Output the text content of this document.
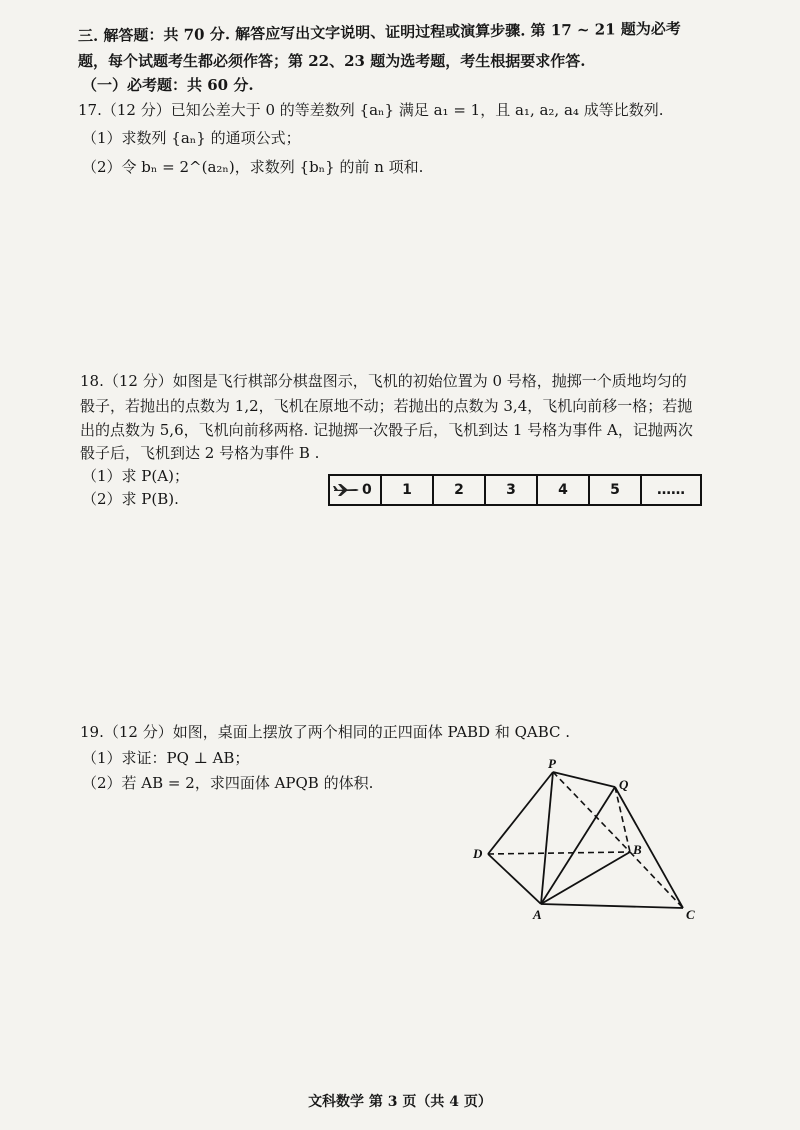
三. 解答题：共 70 分. 解答应写出文字说明、证明过程或演算步骤. 第 17 ~ 21 题为必考
题，每个试题考生都必须作答；第 22、23 题为选考题，考生根据要求作答.
（一）必考题：共 60 分.
17.（12 分）已知公差大于 0 的等差数列 {aₙ} 满足 a₁ = 1，且 a₁, a₂, a₄ 成等比数列.
（1）求数列 {aₙ} 的通项公式；
（2）令 bₙ = 2^(a₂ₙ)，求数列 {bₙ} 的前 n 项和.
18.（12 分）如图是飞行棋部分棋盘图示，飞机的初始位置为 0 号格，抛掷一个质地均匀的
骰子，若抛出的点数为 1,2，飞机在原地不动；若抛出的点数为 3,4，飞机向前移一格；若抛
出的点数为 5,6，飞机向前移两格. 记抛掷一次骰子后，飞机到达 1 号格为事件 A，记抛两次
骰子后，飞机到达 2 号格为事件 B .
（1）求 P(A)；
（2）求 P(B).	0	1	2	3	4	5	……
19.（12 分）如图，桌面上摆放了两个相同的正四面体 PABD 和 QABC .
（1）求证：PQ ⊥ AB；
（2）若 AB = 2，求四面体 APQB 的体积.
P
Q
D	B
A	C
文科数学 第 3 页（共 4 页）
